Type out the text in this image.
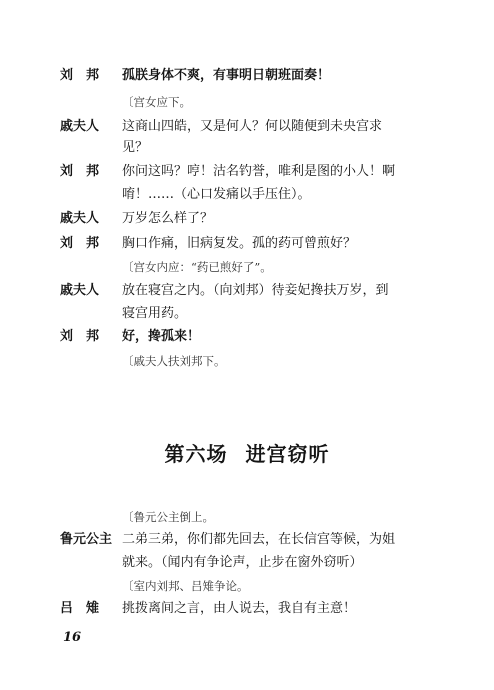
刘　邦	孤朕身体不爽，有事明日朝班面奏！
〔宫女应下。
戚夫人	这商山四皓，又是何人？何以随便到未央宫求
见？
刘　邦	你问这吗？哼！沽名钓誉，唯利是图的小人！啊
唷！……（心口发痛以手压住）。
戚夫人	万岁怎么样了？
刘　邦	胸口作痛，旧病复发。孤的药可曾煎好？
〔宫女内应：“药已煎好了”。
戚夫人	放在寝宫之内。（向刘邦）待妾妃搀扶万岁，到
寝宫用药。
刘　邦	好，搀孤来！
〔戚夫人扶刘邦下。
第六场 进宫窃听
〔鲁元公主倒上。
鲁元公主 二弟三弟，你们都先回去，在长信宫等候，为姐
就来。（闻内有争论声，止步在窗外窃听）
〔室内刘邦、吕雉争论。
吕　雉	挑拨离间之言，由人说去，我自有主意！
16
